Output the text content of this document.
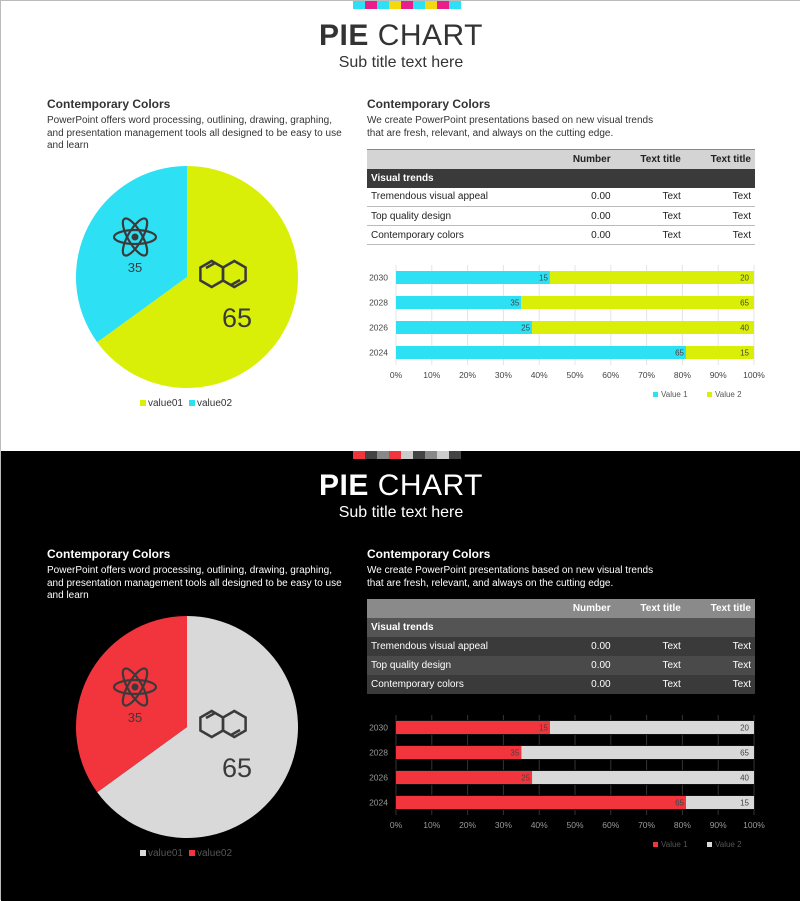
PIE CHART
Sub title text here
Contemporary Colors
PowerPoint offers word processing, outlining, drawing, graphing, and presentation management tools all designed to be easy to use and learn
Contemporary Colors
We create PowerPoint presentations based on new visual trends that are fresh, relevant, and always on the cutting edge.
35
65
value01	value02
	Number	Text title	Text title
Visual trends			
Tremendous visual appeal	0.00	Text	Text
Top quality design	0.00	Text	Text
Contemporary colors	0.00	Text	Text
0% 10% 20% 30% 40% 50% 60% 70% 80% 90% 100%
2030	15	20
2028	35	65
2026	25	40
2024	65	15
Value 1	Value 2
PIE CHART
Sub title text here
Contemporary Colors
PowerPoint offers word processing, outlining, drawing, graphing, and presentation management tools all designed to be easy to use and learn
Contemporary Colors
We create PowerPoint presentations based on new visual trends that are fresh, relevant, and always on the cutting edge.
35
65
value01	value02
	Number	Text title	Text title
Visual trends			
Tremendous visual appeal	0.00	Text	Text
Top quality design	0.00	Text	Text
Contemporary colors	0.00	Text	Text
0% 10% 20% 30% 40% 50% 60% 70% 80% 90% 100%
2030	15	20
2028	35	65
2026	25	40
2024	65	15
Value 1	Value 2
